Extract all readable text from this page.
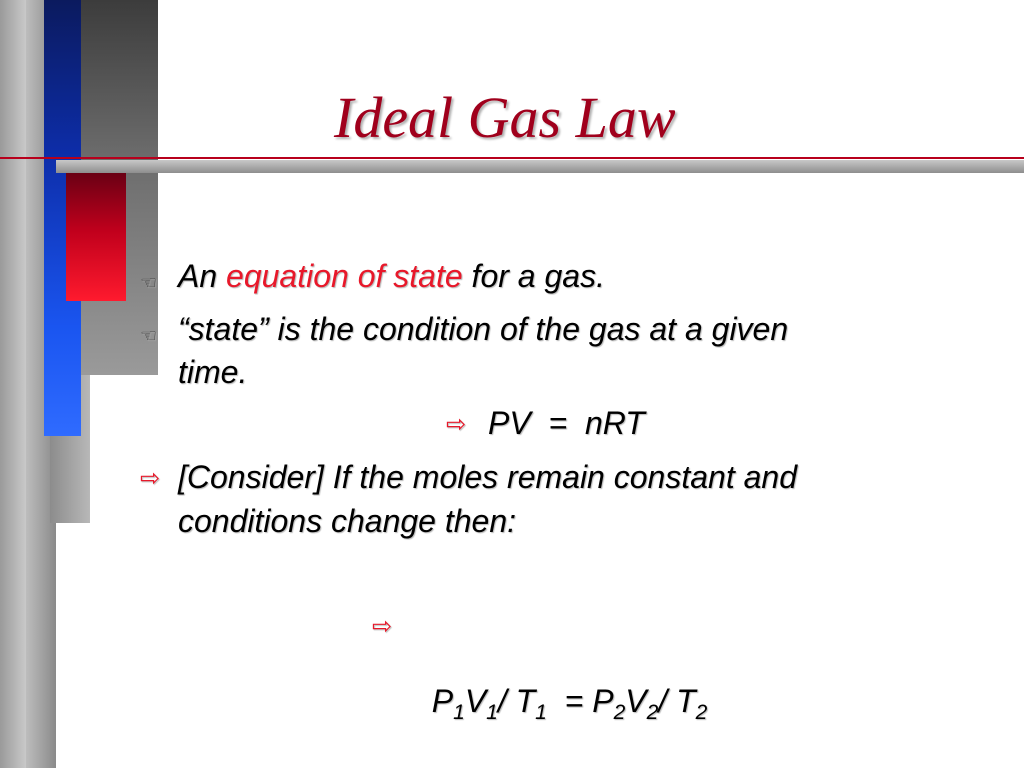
Ideal Gas Law
☜ An equation of state for a gas.
☜ “state” is the condition of the gas at a given
time.
⇨ PV  =  nRT
⇨ [Consider] If the moles remain constant and
conditions change then:

⇨

$P_1V_1/$ $T_1 = P_2V_2/$ $T_2$
